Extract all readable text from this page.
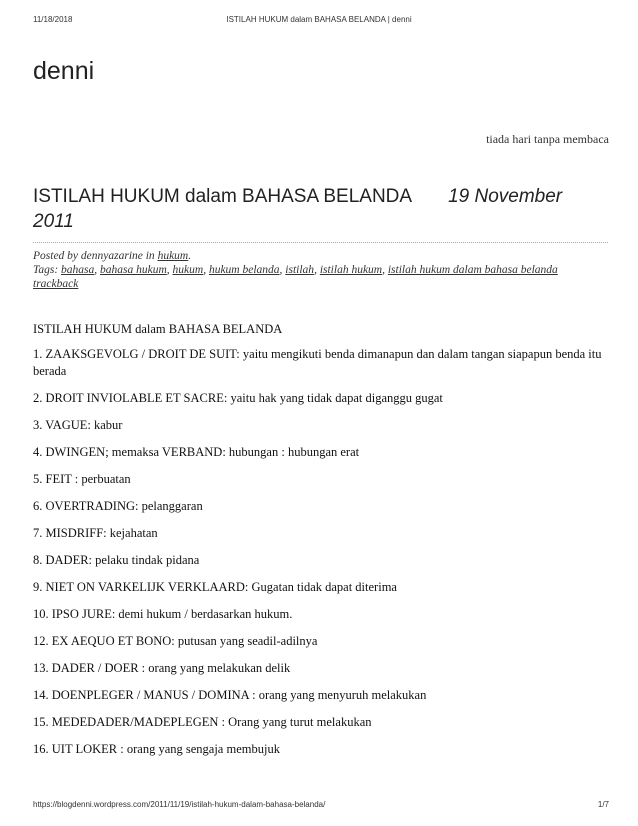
11/18/2018	ISTILAH HUKUM dalam BAHASA BELANDA | denni
denni
tiada hari tanpa membaca
ISTILAH HUKUM dalam BAHASA BELANDA 19 November 2011
Posted by dennyazarine in hukum.
Tags: bahasa, bahasa hukum, hukum, hukum belanda, istilah, istilah hukum, istilah hukum dalam bahasa belanda
trackback

ISTILAH HUKUM dalam BAHASA BELANDA

1. ZAAKSGEVOLG / DROIT DE SUIT: yaitu mengikuti benda dimanapun dan dalam tangan siapapun benda itu berada

2. DROIT INVIOLABLE ET SACRE: yaitu hak yang tidak dapat diganggu gugat

3. VAGUE: kabur

4. DWINGEN; memaksa VERBAND: hubungan : hubungan erat

5. FEIT : perbuatan

6. OVERTRADING: pelanggaran

7. MISDRIFF: kejahatan

8. DADER: pelaku tindak pidana

9. NIET ON VARKELIJK VERKLAARD: Gugatan tidak dapat diterima

10. IPSO JURE: demi hukum / berdasarkan hukum.

12. EX AEQUO ET BONO: putusan yang seadil-adilnya

13. DADER / DOER : orang yang melakukan delik

14. DOENPLEGER / MANUS / DOMINA : orang yang menyuruh melakukan

15. MEDEDADER/MADEPLEGEN : Orang yang turut melakukan

16. UIT LOKER : orang yang sengaja membujuk

https://blogdenni.wordpress.com/2011/11/19/istilah-hukum-dalam-bahasa-belanda/	1/7
